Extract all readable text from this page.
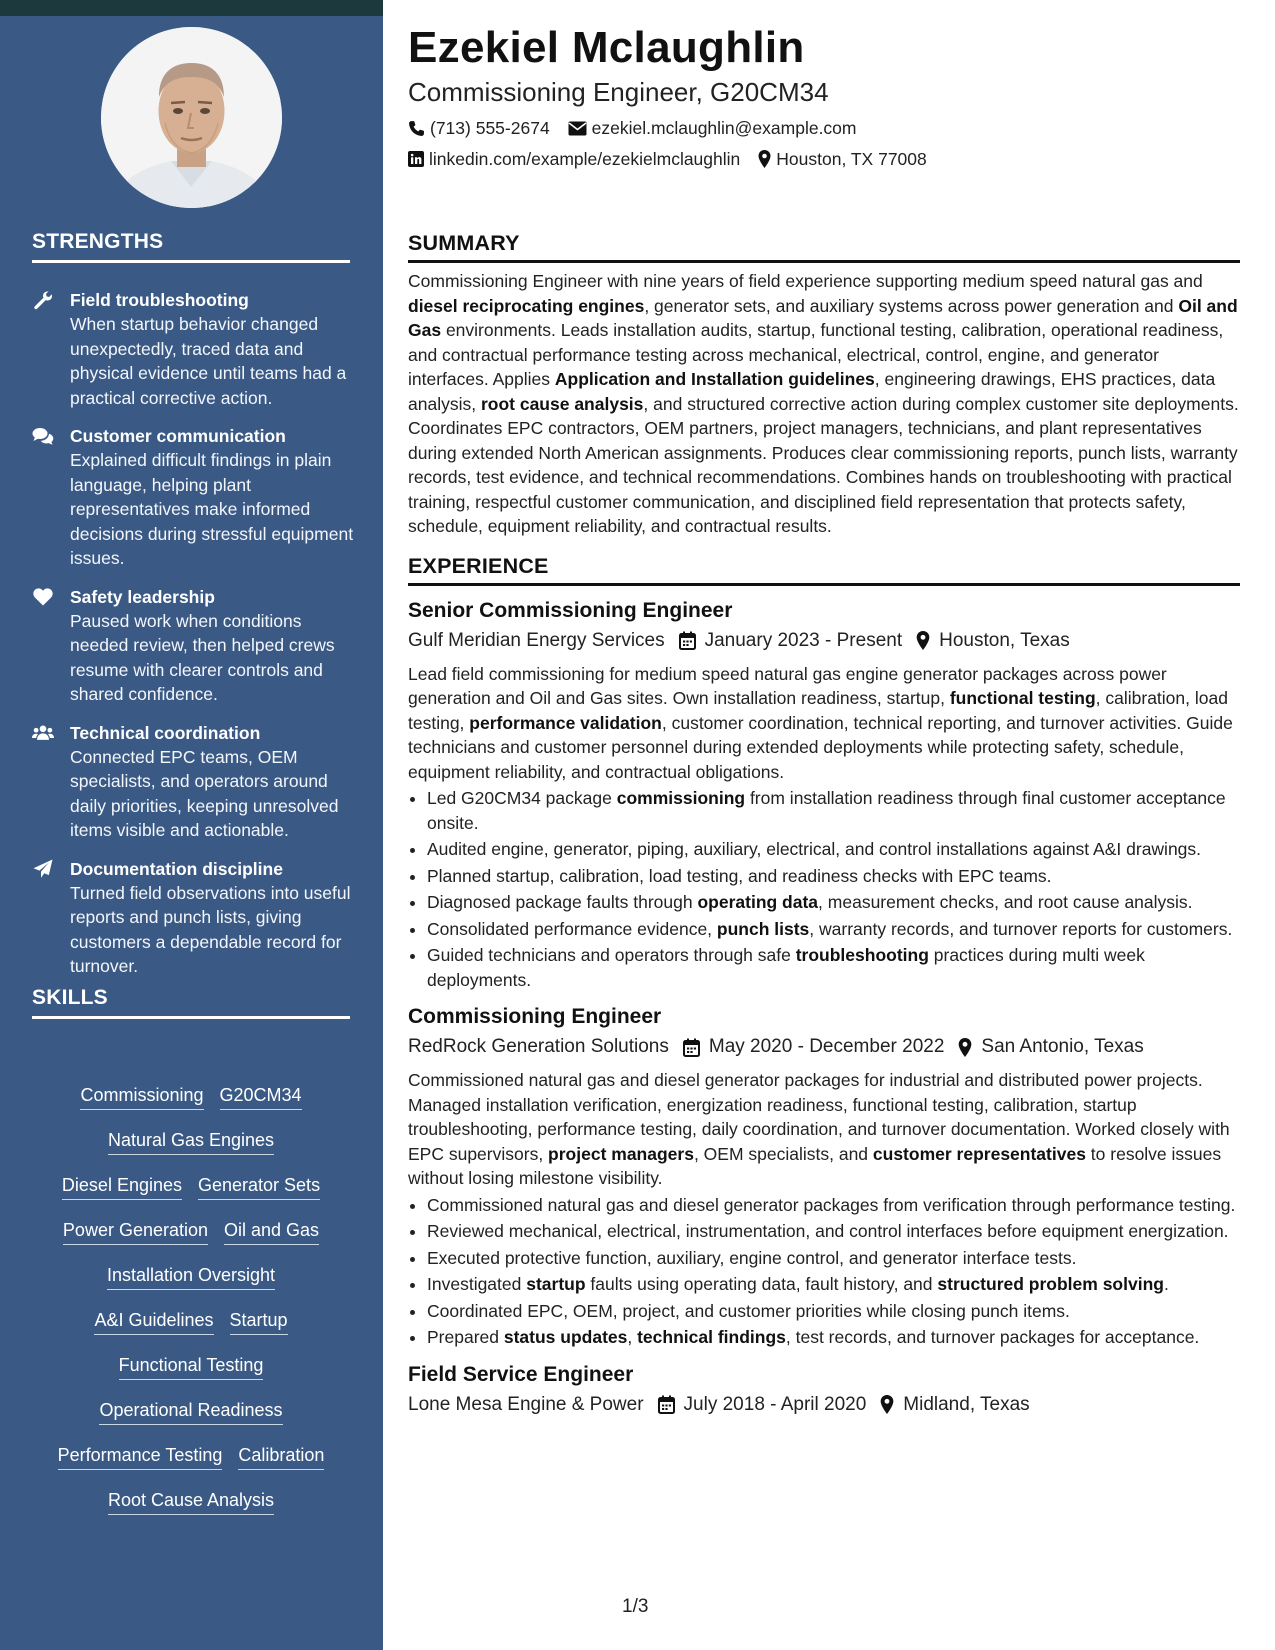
STRENGTHS
Field troubleshooting
When startup behavior changed unexpectedly, traced data and physical evidence until teams had a practical corrective action.
Customer communication
Explained difficult findings in plain language, helping plant representatives make informed decisions during stressful equipment issues.
Safety leadership
Paused work when conditions needed review, then helped crews resume with clearer controls and shared confidence.
Technical coordination
Connected EPC teams, OEM specialists, and operators around daily priorities, keeping unresolved items visible and actionable.
Documentation discipline
Turned field observations into useful reports and punch lists, giving customers a dependable record for turnover.
SKILLS
Commissioning G20CM34
Natural Gas Engines
Diesel Engines Generator Sets
Power Generation Oil and Gas
Installation Oversight
A&I Guidelines Startup
Functional Testing
Operational Readiness
Performance Testing Calibration
Root Cause Analysis
Ezekiel Mclaughlin
Commissioning Engineer, G20CM34
(713) 555-2674 ezekiel.mclaughlin@example.com
linkedin.com/example/ezekielmclaughlin Houston, TX 77008
SUMMARY
Commissioning Engineer with nine years of field experience supporting medium speed natural gas and diesel reciprocating engines, generator sets, and auxiliary systems across power generation and Oil and Gas environments. Leads installation audits, startup, functional testing, calibration, operational readiness, and contractual performance testing across mechanical, electrical, control, engine, and generator interfaces. Applies Application and Installation guidelines, engineering drawings, EHS practices, data analysis, root cause analysis, and structured corrective action during complex customer site deployments. Coordinates EPC contractors, OEM partners, project managers, technicians, and plant representatives during extended North American assignments. Produces clear commissioning reports, punch lists, warranty records, test evidence, and technical recommendations. Combines hands on troubleshooting with practical training, respectful customer communication, and disciplined field representation that protects safety, schedule, equipment reliability, and contractual results.
EXPERIENCE
Senior Commissioning Engineer
Gulf Meridian Energy Services January 2023 - Present Houston, Texas
Lead field commissioning for medium speed natural gas engine generator packages across power generation and Oil and Gas sites. Own installation readiness, startup, functional testing, calibration, load testing, performance validation, customer coordination, technical reporting, and turnover activities. Guide technicians and customer personnel during extended deployments while protecting safety, schedule, equipment reliability, and contractual obligations.
• Led G20CM34 package commissioning from installation readiness through final customer acceptance onsite.
• Audited engine, generator, piping, auxiliary, electrical, and control installations against A&I drawings.
• Planned startup, calibration, load testing, and readiness checks with EPC teams.
• Diagnosed package faults through operating data, measurement checks, and root cause analysis.
• Consolidated performance evidence, punch lists, warranty records, and turnover reports for customers.
• Guided technicians and operators through safe troubleshooting practices during multi week deployments.
Commissioning Engineer
RedRock Generation Solutions May 2020 - December 2022 San Antonio, Texas
Commissioned natural gas and diesel generator packages for industrial and distributed power projects. Managed installation verification, energization readiness, functional testing, calibration, startup troubleshooting, performance testing, daily coordination, and turnover documentation. Worked closely with EPC supervisors, project managers, OEM specialists, and customer representatives to resolve issues without losing milestone visibility.
• Commissioned natural gas and diesel generator packages from verification through performance testing.
• Reviewed mechanical, electrical, instrumentation, and control interfaces before equipment energization.
• Executed protective function, auxiliary, engine control, and generator interface tests.
• Investigated startup faults using operating data, fault history, and structured problem solving.
• Coordinated EPC, OEM, project, and customer priorities while closing punch items.
• Prepared status updates, technical findings, test records, and turnover packages for acceptance.
Field Service Engineer
Lone Mesa Engine & Power July 2018 - April 2020 Midland, Texas
1/3
